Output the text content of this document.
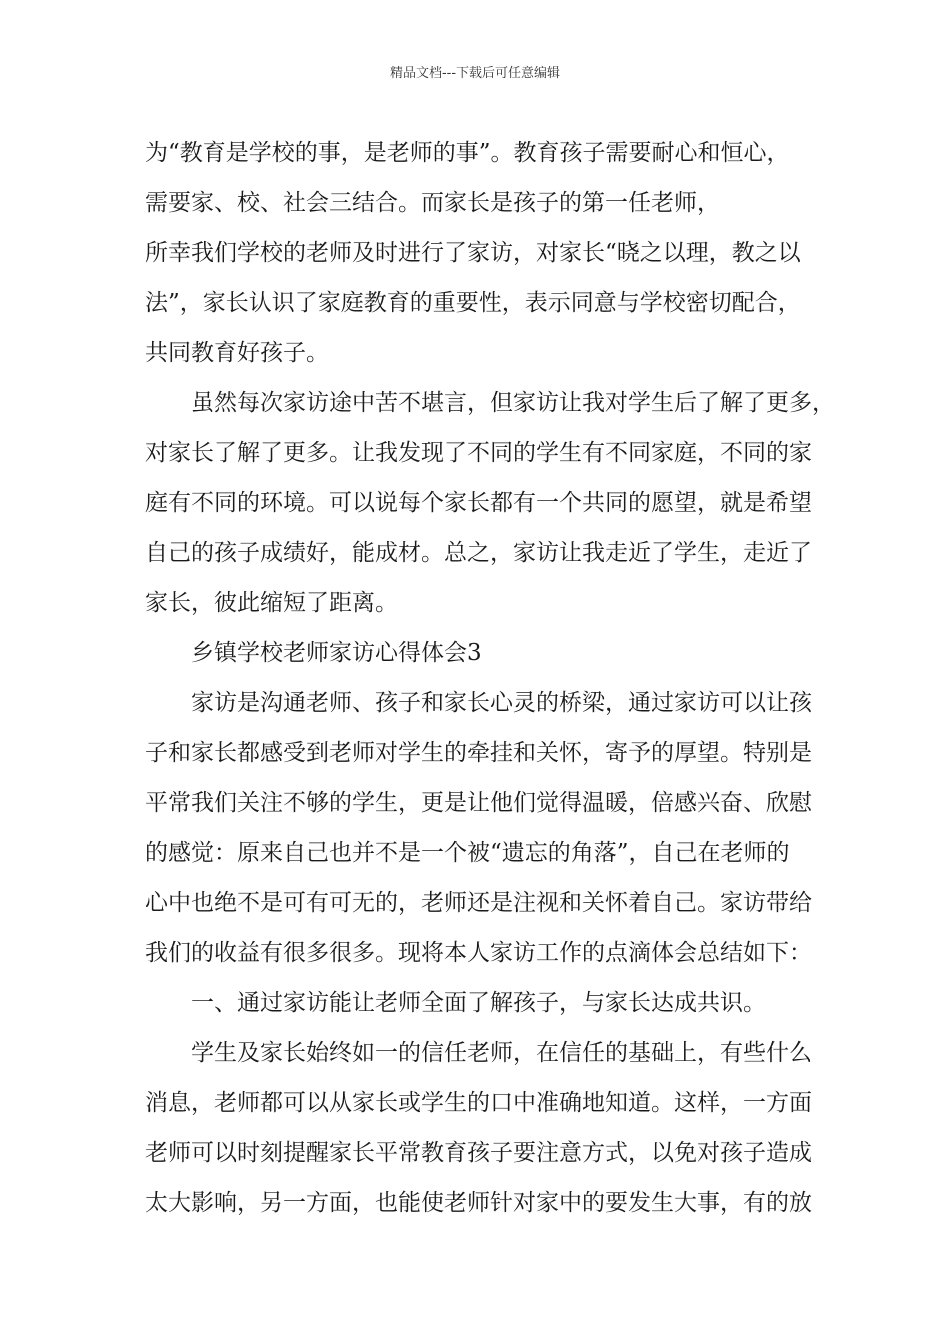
精品文档---下载后可任意编辑
为“教育是学校的事，是老师的事”。教育孩子需要耐心和恒心，
需要家、校、社会三结合。而家长是孩子的第一任老师，
所幸我们学校的老师及时进行了家访，对家长“晓之以理，教之以
法”，家长认识了家庭教育的重要性，表示同意与学校密切配合，
共同教育好孩子。
虽然每次家访途中苦不堪言，但家访让我对学生后了解了更多，
对家长了解了更多。让我发现了不同的学生有不同家庭，不同的家
庭有不同的环境。可以说每个家长都有一个共同的愿望，就是希望
自己的孩子成绩好，能成材。总之，家访让我走近了学生，走近了
家长，彼此缩短了距离。
乡镇学校老师家访心得体会3
家访是沟通老师、孩子和家长心灵的桥梁，通过家访可以让孩
子和家长都感受到老师对学生的牵挂和关怀，寄予的厚望。特别是
平常我们关注不够的学生，更是让他们觉得温暖，倍感兴奋、欣慰
的感觉：原来自己也并不是一个被“遗忘的角落”，自己在老师的
心中也绝不是可有可无的，老师还是注视和关怀着自己。家访带给
我们的收益有很多很多。现将本人家访工作的点滴体会总结如下：
一、通过家访能让老师全面了解孩子，与家长达成共识。
学生及家长始终如一的信任老师，在信任的基础上，有些什么
消息，老师都可以从家长或学生的口中准确地知道。这样，一方面
老师可以时刻提醒家长平常教育孩子要注意方式，以免对孩子造成
太大影响，另一方面，也能使老师针对家中的要发生大事，有的放
